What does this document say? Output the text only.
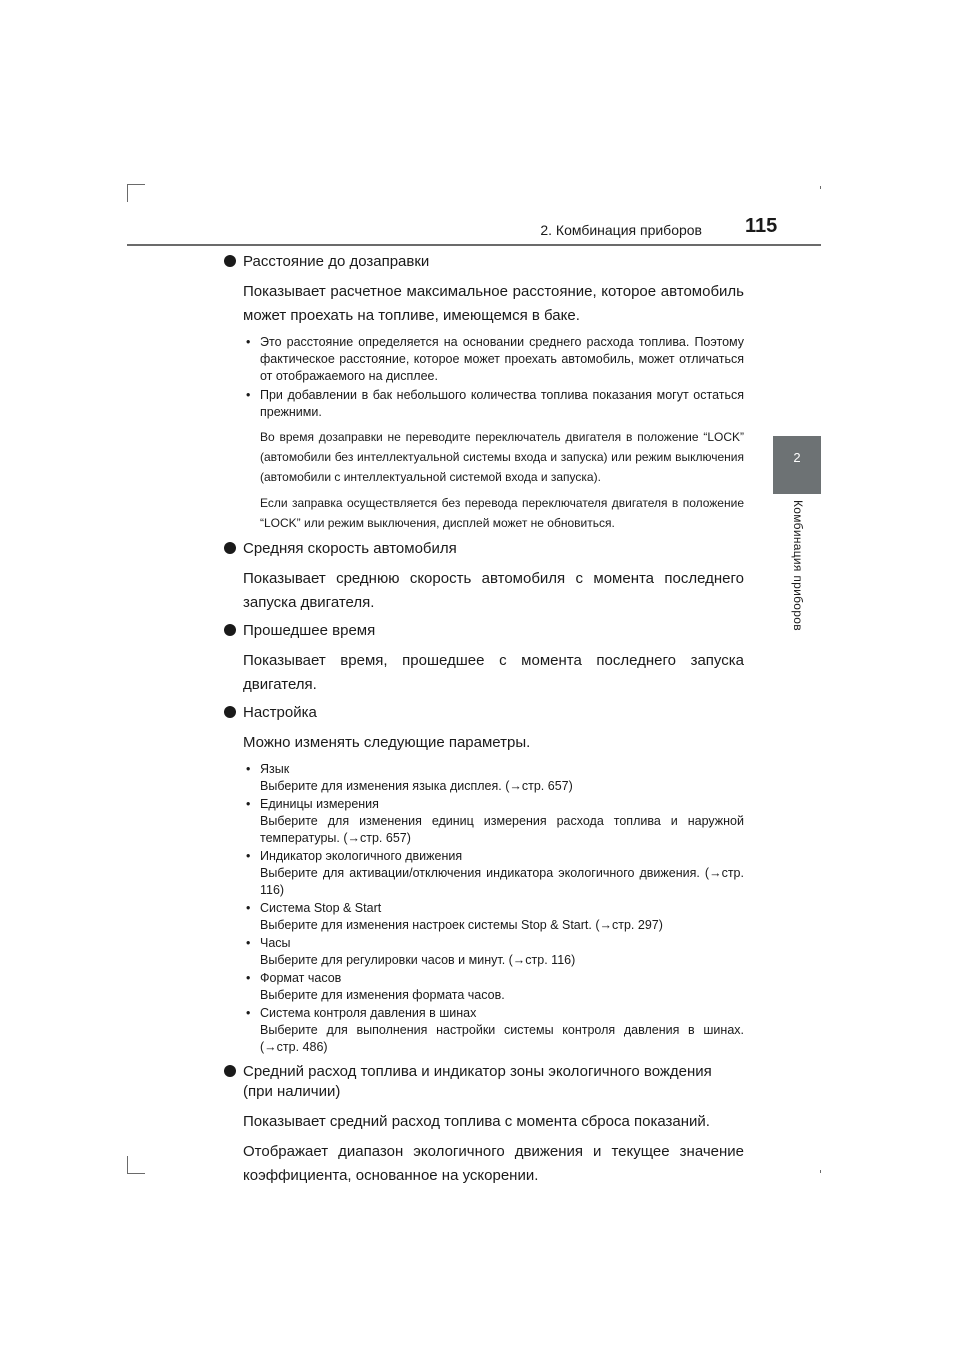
2. Комбинация приборов 115
2
Комбинация приборов
Расстояние до дозаправки

Показывает расчетное максимальное расстояние, которое автомобиль может проехать на топливе, имеющемся в баке.

• Это расстояние определяется на основании среднего расхода топлива. Поэтому фактическое расстояние, которое может проехать автомобиль, может отличаться от отображаемого на дисплее.
• При добавлении в бак небольшого количества топлива показания могут остаться прежними.

Во время дозаправки не переводите переключатель двигателя в положение “LOCK” (автомобили без интеллектуальной системы входа и запуска) или режим выключения (автомобили с интеллектуальной системой входа и запуска).

Если заправка осуществляется без перевода переключателя двигателя в положение “LOCK” или режим выключения, дисплей может не обновиться.

Средняя скорость автомобиля

Показывает среднюю скорость автомобиля с момента последнего запуска двигателя.

Прошедшее время

Показывает время, прошедшее с момента последнего запуска двигателя.

Настройка

Можно изменять следующие параметры.

• Язык
Выберите для изменения языка дисплея. (→стр. 657)
• Единицы измерения
Выберите для изменения единиц измерения расхода топлива и наружной температуры. (→стр. 657)
• Индикатор экологичного движения
Выберите для активации/отключения индикатора экологичного движения. (→стр. 116)
• Система Stop & Start
Выберите для изменения настроек системы Stop & Start. (→стр. 297)
• Часы
Выберите для регулировки часов и минут. (→стр. 116)
• Формат часов
Выберите для изменения формата часов.
• Система контроля давления в шинах
Выберите для выполнения настройки системы контроля давления в шинах. (→стр. 486)
Средний расход топлива и индикатор зоны экологичного вождения (при наличии)

Показывает средний расход топлива с момента сброса показаний.

Отображает диапазон экологичного движения и текущее значение коэффициента, основанное на ускорении.
